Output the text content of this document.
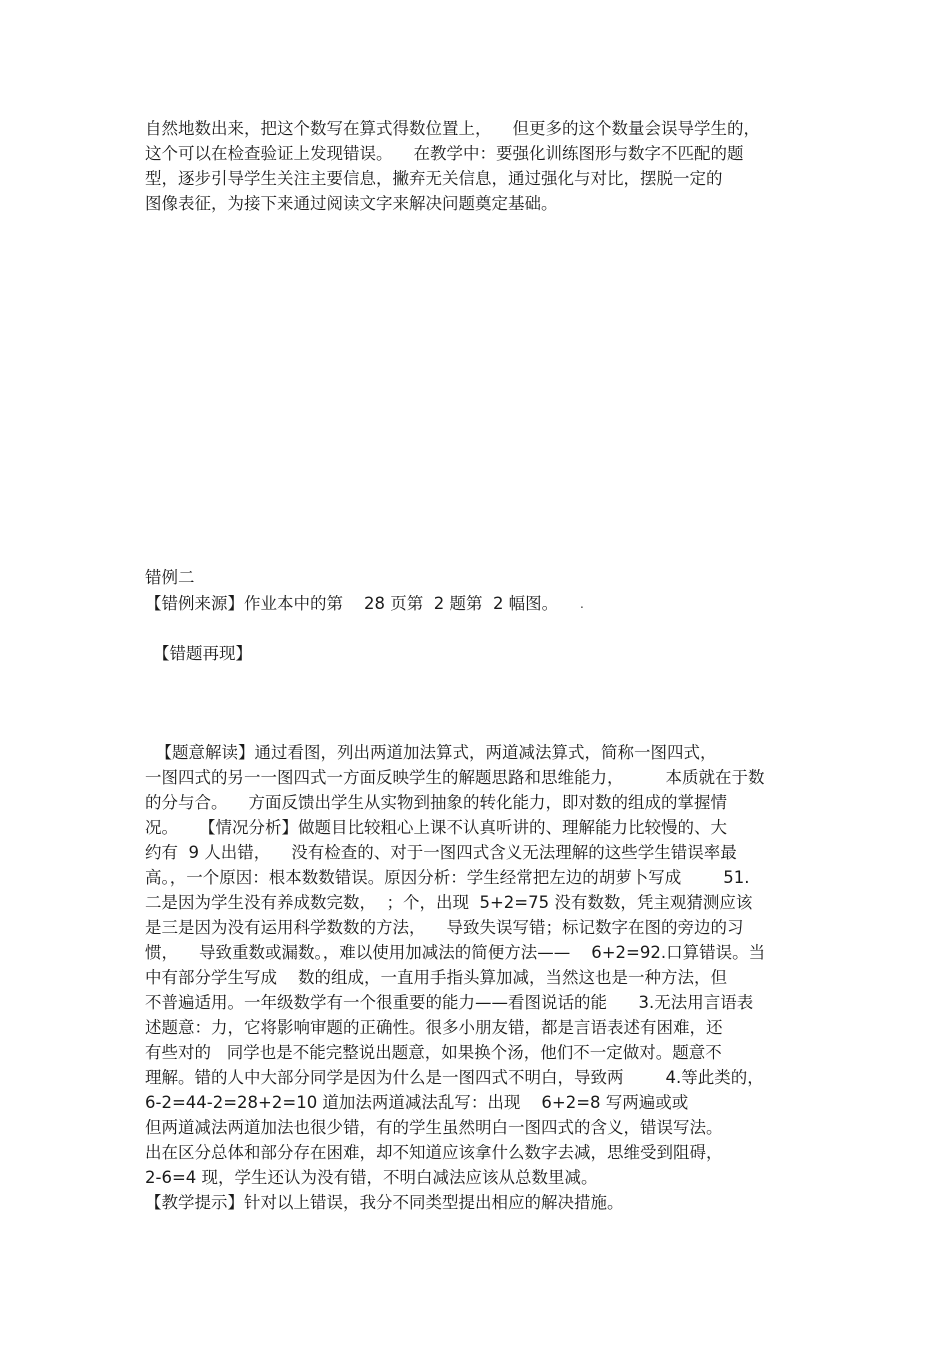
自然地数出来，把这个数写在算式得数位置上，    但更多的这个数量会误导学生的，
这个可以在检查验证上发现错误。    在教学中：要强化训练图形与数字不匹配的题
型，逐步引导学生关注主要信息，撇弃无关信息，通过强化与对比，摆脱一定的
图像表征，为接下来通过阅读文字来解决问题奠定基础。
错例二
【错例来源】作业本中的第    28 页第  2 题第  2 幅图。 .
【错题再现】
【题意解读】通过看图，列出两道加法算式，两道减法算式，简称一图四式，
一图四式的另一一图四式一方面反映学生的解题思路和思维能力，        本质就在于数
的分与合。    方面反馈出学生从实物到抽象的转化能力，即对数的组成的掌握情
况。    【情况分析】做题目比较粗心上课不认真听讲的、理解能力比较慢的、大
约有  9 人出错，    没有检查的、对于一图四式含义无法理解的这些学生错误率最
高。，一个原因：根本数数错误。原因分析：学生经常把左边的胡萝卜写成        51.
二是因为学生没有养成数完数，  ；个，出现  5+2=75 没有数数，凭主观猜测应该
是三是因为没有运用科学数数的方法，    导致失误写错；标记数字在图的旁边的习
惯，    导致重数或漏数。，难以使用加减法的简便方法——    6+2=92.口算错误。当
中有部分学生写成    数的组成，一直用手指头算加减，当然这也是一种方法，但
不普遍适用。一年级数学有一个很重要的能力——看图说话的能      3.无法用言语表
述题意：力，它将影响审题的正确性。很多小朋友错，都是言语表述有困难，还
有些对的   同学也是不能完整说出题意，如果换个汤，他们不一定做对。题意不
理解。错的人中大部分同学是因为什么是一图四式不明白，导致两        4.等此类的，
6-2=44-2=28+2=10 道加法两道减法乱写：出现    6+2=8 写两遍或或
但两道减法两道加法也很少错，有的学生虽然明白一图四式的含义，错误写法。
出在区分总体和部分存在困难，却不知道应该拿什么数字去减，思维受到阻碍，
2-6=4 现，学生还认为没有错，不明白减法应该从总数里减。
【教学提示】针对以上错误，我分不同类型提出相应的解决措施。
